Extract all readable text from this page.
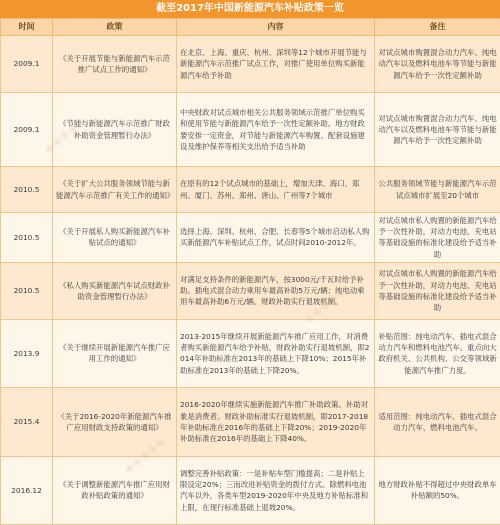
截至2017年中国新能源汽车补贴政策一览
时间	政策	内容	备注
2009.1	《关于开展节能与新能源汽车示范推广试点工作的通知》	在北京、上海、重庆、杭州、深圳等12个城市开展节能与新能源汽车示范推广试点工作，对推广使用单位购买新能源汽车给予补助	对试点城市购置混合动力汽车、纯电动汽车以及燃料电池车等节能与新能源汽车给予一次性定额补助
2009.1	《节能与新能源汽车示范推广财政补助资金管理暂行办法》	中央财政对试点城市相关公共服务领域示范推广单位购买和使用节能与新能源汽车给予一次性定额补助。地方财政要安排一定资金，对节能与新能源汽车购置、配套设施建设及维护保养等相关支出给予适当补助	对试点城市购置混合动力汽车、纯电动汽车以及燃料电池车等节能与新能源汽车给予一次性定额补助
2010.5	《关于扩大公共服务领域节能与新能源汽车示范推广有关工作的通知》	在原有的12个试点城市的基础上，增加天津、海口、郑州、厦门、苏州、郑州、唐山、广州等7个城市	公共服务领域节能与新能源汽车示范试点城市扩展至20个城市
2010.5	《关于开展私人购买新能源汽车补贴试点的通知》	选择上海、深圳、杭州、合肥、长春等5个城市启动私人购买新能源汽车补贴试点工作，试点时间2010-2012年。	对试点城市私人购置的新能源汽车给予一次性补助，对动力电池、充电站等基础设施的标准化建设给予适当补助
2010.5	《私人购买新能源汽车试点财政补助资金管理暂行办法》	对满足支持条件的新能源汽车，按3000元/千瓦时给予补助。插电式混合动力乘用车最高补助5万元/辆；纯电动乘用车最高补助6万元/辆。财政补助实行退坡机制。	对试点城市私人购置的新能源汽车给予一次性补助，对动力电池、充电站等基础设施的标准化建设给予适当补助
2013.9	《关于继续开展新能源汽车推广应用工作的通知》	2013-2015年继续开展新能源汽车推广应用工作，对消费者购买新能源汽车给予补贴，财政补助实行退坡机制，即2014年补助标准在2013年的基础上下降10%；2015年补助标准在2013年的基础上下降20%。	补贴范围：纯电动汽车、插电式混合动力汽车和燃料电池汽车。重点向大政府机关、公共机构、公交等领域新能源汽车推广力度。
2015.4	《关于2016-2020年新能源汽车推广应用财政支持政策的通知》	2016-2020年继续实施新能源汽车推广补助政策。补助对象是消费者。财政补助标准实行退坡机制，即2017-2018年补助标准在2016年的基础上下降20%；2019-2020年补助标准在2016年的基础上下降40%。	适用范围：纯电动汽车、插电式混合动力汽车、燃料电池汽车。
2016.12	《关于调整新能源汽车推广应用财政补贴政策的通知》	调整完善补贴政策：一是补贴车型门槛提高；二是补贴上限设定20%；三而改进补贴资金的拨付方式。除燃料电池汽车以外，各类车型2019-2020年中央及地方补贴标准和上限，在现行标准基础上退坡20%。	地方财政补贴不得超过中央财政单车补贴额的50%。
